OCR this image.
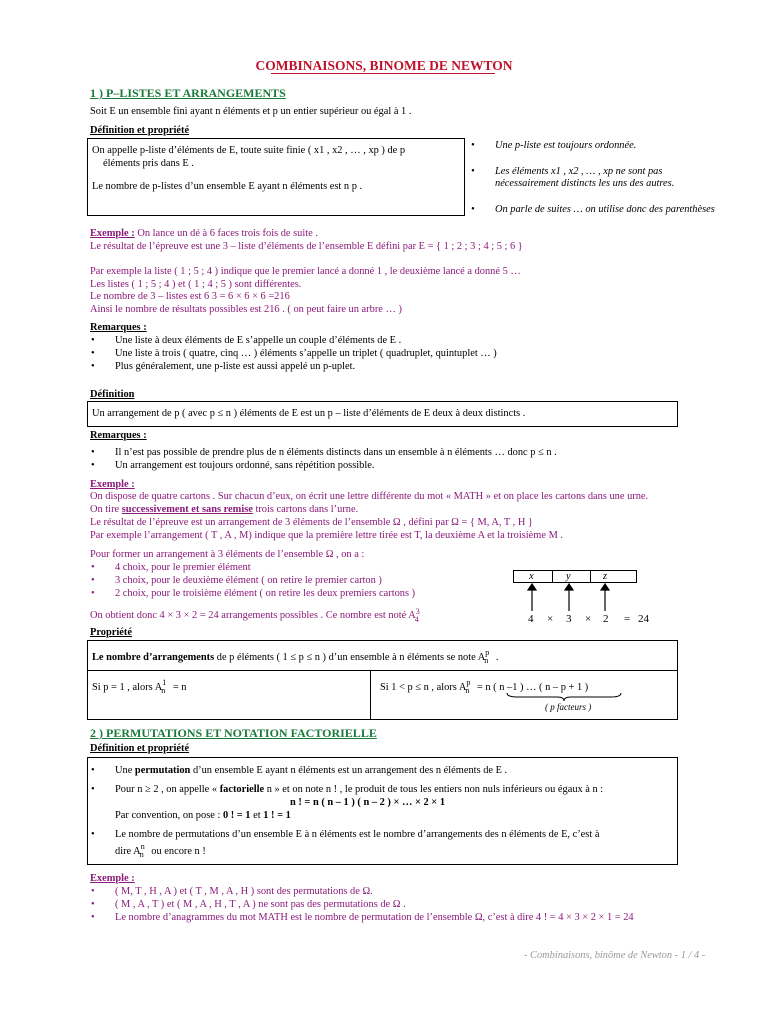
COMBINAISONS, BINOME DE NEWTON
1 ) P–LISTES ET ARRANGEMENTS
Soit E un ensemble fini ayant n éléments et p un entier supérieur ou égal à 1 .
Définition et propriété
On appelle p-liste d’éléments de E, toute suite finie ( x1 , x2 , … , xp ) de p
éléments pris dans E .
Le nombre de p-listes d’un ensemble E ayant n éléments est n p .
• Une p-liste est toujours ordonnée.
• Les éléments x1 , x2 , … , xp ne sont pas
nécessairement distincts les uns des autres.
• On parle de suites … on utilise donc des parenthèses
Exemple : On lance un dé à 6 faces trois fois de suite .
Le résultat de l’épreuve est une 3 – liste d’éléments de l’ensemble E défini par E = { 1 ; 2 ; 3 ; 4 ; 5 ; 6 }
Par exemple la liste ( 1 ; 5 ; 4 ) indique que le premier lancé a donné 1 , le deuxième lancé a donné 5 …
Les listes ( 1 ; 5 ; 4 ) et ( 1 ; 4 ; 5 ) sont différentes.
Le nombre de 3 – listes est 6 3 = 6 × 6 × 6 =216
Ainsi le nombre de résultats possibles est 216 . ( on peut faire un arbre … )
Remarques :
• Une liste à deux éléments de E s’appelle un couple d’éléments de E .
• Une liste à trois ( quatre, cinq … ) éléments s’appelle un triplet ( quadruplet, quintuplet … )
• Plus généralement, une p-liste est aussi appelé un p-uplet.
Définition
Un arrangement de p ( avec p ≤ n ) éléments de E est un p – liste d’éléments de E deux à deux distincts .
Remarques :
• Il n’est pas possible de prendre plus de n éléments distincts dans un ensemble à n éléments … donc p ≤ n .
• Un arrangement est toujours ordonné, sans répétition possible.
Exemple :
On dispose de quatre cartons . Sur chacun d’eux, on écrit une lettre différente du mot « MATH » et on place les cartons dans une urne.
On tire successivement et sans remise trois cartons dans l’urne.
Le résultat de l’épreuve est un arrangement de 3 éléments de l’ensemble Ω , défini par Ω = { M, A, T , H }
Par exemple l’arrangement ( T , A , M) indique que la première lettre tirée est T, la deuxième A et la troisième M .
Pour former un arrangement à 3 éléments de l’ensemble Ω , on a :
• 4 choix, pour le premier élément
• 3 choix, pour le deuxième élément ( on retire le premier carton )
• 2 choix, pour le troisième élément ( on retire les deux premiers cartons )
On obtient donc 4 × 3 × 2 = 24 arrangements possibles . Ce nombre est noté $A^3_4$
x	y	z
4 × 3 × 2 = 24
Propriété
Le nombre d’arrangements de p éléments ( 1 ≤ p ≤ n ) d’un ensemble à n éléments se note $A^p_n$ .
Si p = 1 , alors $A^1_n = n$	Si 1 < p ≤ n , alors $A^p_n = n$ ( n –1 ) … ( n – p + 1 )
( p facteurs )
2 ) PERMUTATIONS ET NOTATION FACTORIELLE
Définition et propriété
• Une permutation d’un ensemble E ayant n éléments est un arrangement des n éléments de E .
• Pour n ≥ 2 , on appelle « factorielle n » et on note n ! , le produit de tous les entiers non nuls inférieurs ou égaux à n :
n ! = n ( n – 1 ) ( n – 2 ) × … × 2 × 1
Par convention, on pose : 0 ! = 1 et 1 ! = 1
• Le nombre de permutations d’un ensemble E à n éléments est le nombre d’arrangements des n éléments de E, c’est à
dire $A^n_n$ ou encore n !
Exemple :
• ( M, T , H , A ) et ( T , M , A , H ) sont des permutations de Ω.
• ( M , A , T ) et ( M , A , H , T , A ) ne sont pas des permutations de Ω .
• Le nombre d’anagrammes du mot MATH est le nombre de permutation de l’ensemble Ω, c’est à dire 4 ! = 4 × 3 × 2 × 1 = 24
- Combinaisons, binôme de Newton - 1 / 4 -
